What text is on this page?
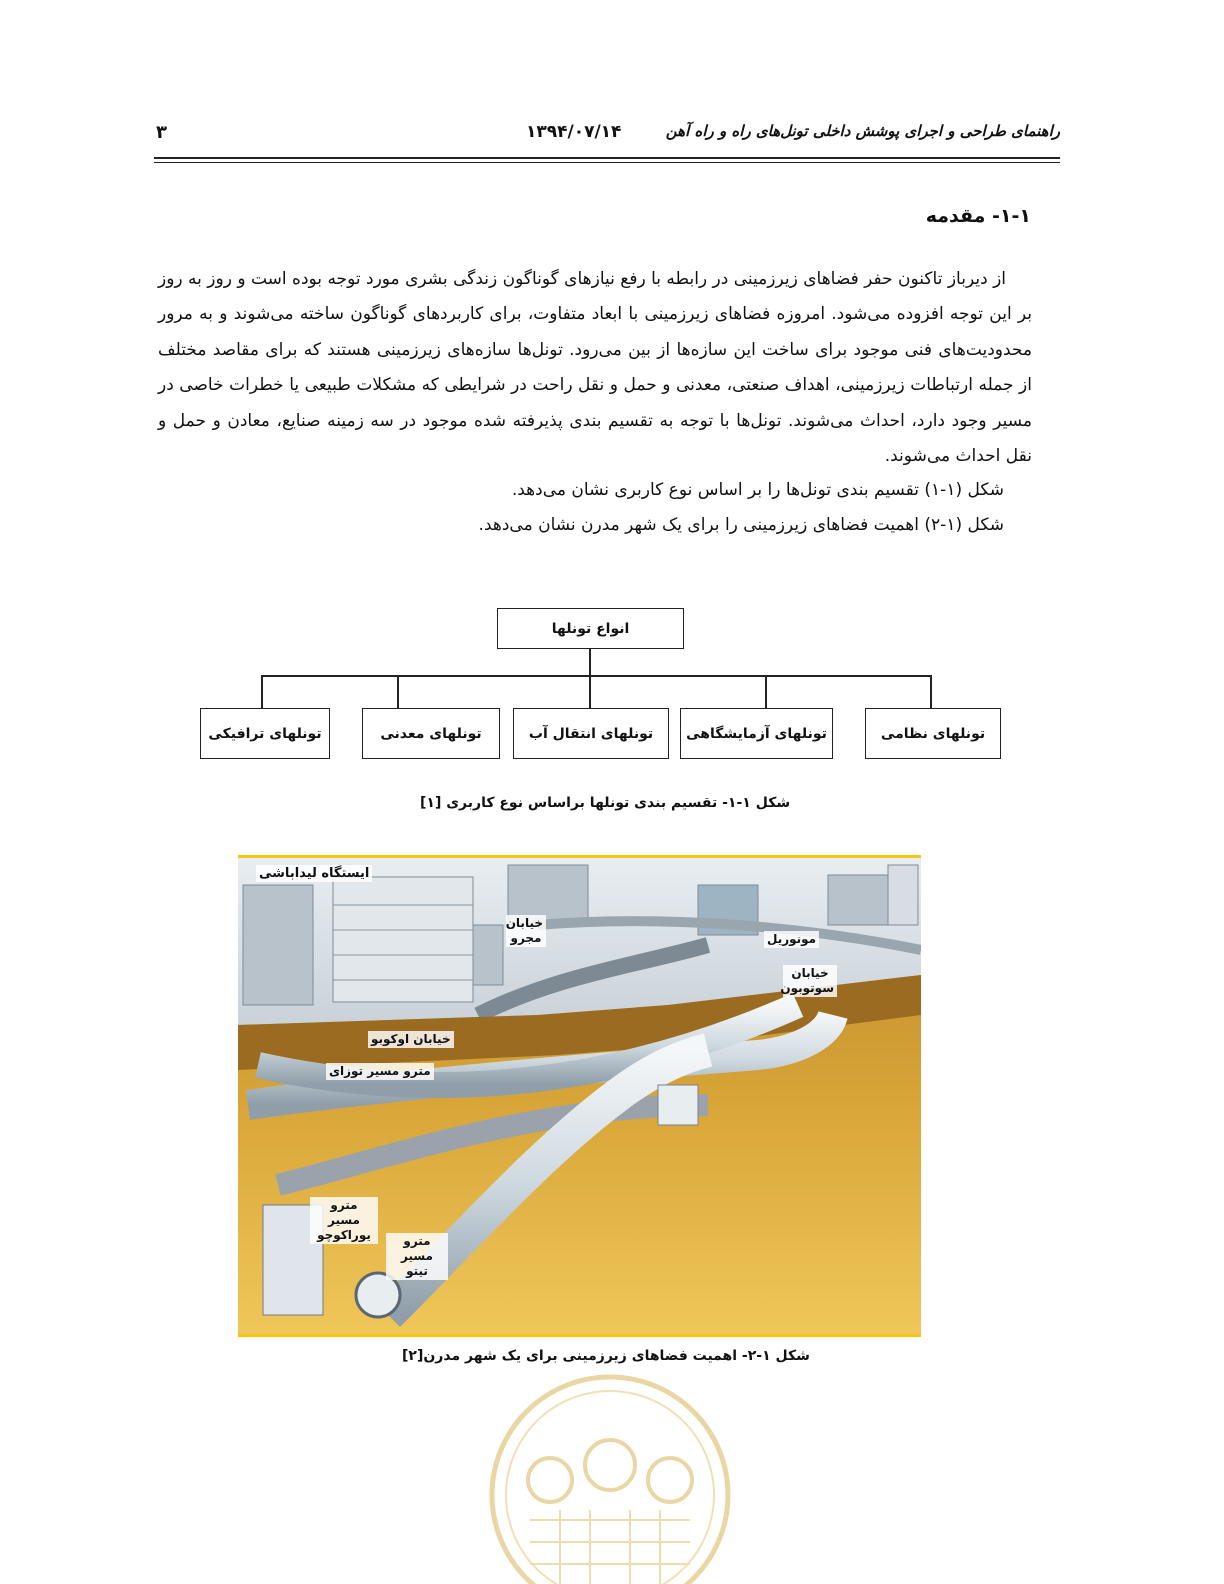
۳	۱۳۹۴/۰۷/۱۴	راهنمای طراحی و اجرای پوشش داخلی تونل‌های راه و راه آهن
۱-۱- مقدمه
از دیرباز تاکنون حفر فضاهای زیرزمینی در رابطه با رفع نیازهای گوناگون زندگی بشری مورد توجه بوده است و روز به روز بر این توجه افزوده می‌شود. امروزه فضاهای زیرزمینی با ابعاد متفاوت، برای کاربردهای گوناگون ساخته می‌شوند و به مرور محدودیت‌های فنی موجود برای ساخت این سازه‌ها از بین می‌رود. تونل‌ها سازه‌های زیرزمینی هستند که برای مقاصد مختلف از جمله ارتباطات زیرزمینی، اهداف صنعتی، معدنی و حمل و نقل راحت در شرایطی که مشکلات طبیعی یا خطرات خاصی در مسیر وجود دارد، احداث می‌شوند. تونل‌ها با توجه به تقسیم بندی پذیرفته شده موجود در سه زمینه صنایع، معادن و حمل و نقل احداث می‌شوند.
شکل (۱-۱) تقسیم بندی تونل‌ها را بر اساس نوع کاربری نشان می‌دهد.
شکل (۱-۲) اهمیت فضاهای زیرزمینی را برای یک شهر مدرن نشان می‌دهد.
انواع تونلها
تونلهای نظامی
تونلهای آزمایشگاهی
تونلهای انتقال آب
تونلهای معدنی
تونلهای ترافیکی
شکل ۱-۱- تقسیم بندی تونلها براساس نوع کاربری [۱]
ایستگاه لیداباشی
خیابان مجرو	مونوریل
خیابان سوتوبون
خیابان اوکوبو
مترو مسیر توزای
مترو مسیر یوراکوچو	مترو مسیر تیتو
شکل ۱-۲- اهمیت فضاهای زیرزمینی برای یک شهر مدرن[۲]
